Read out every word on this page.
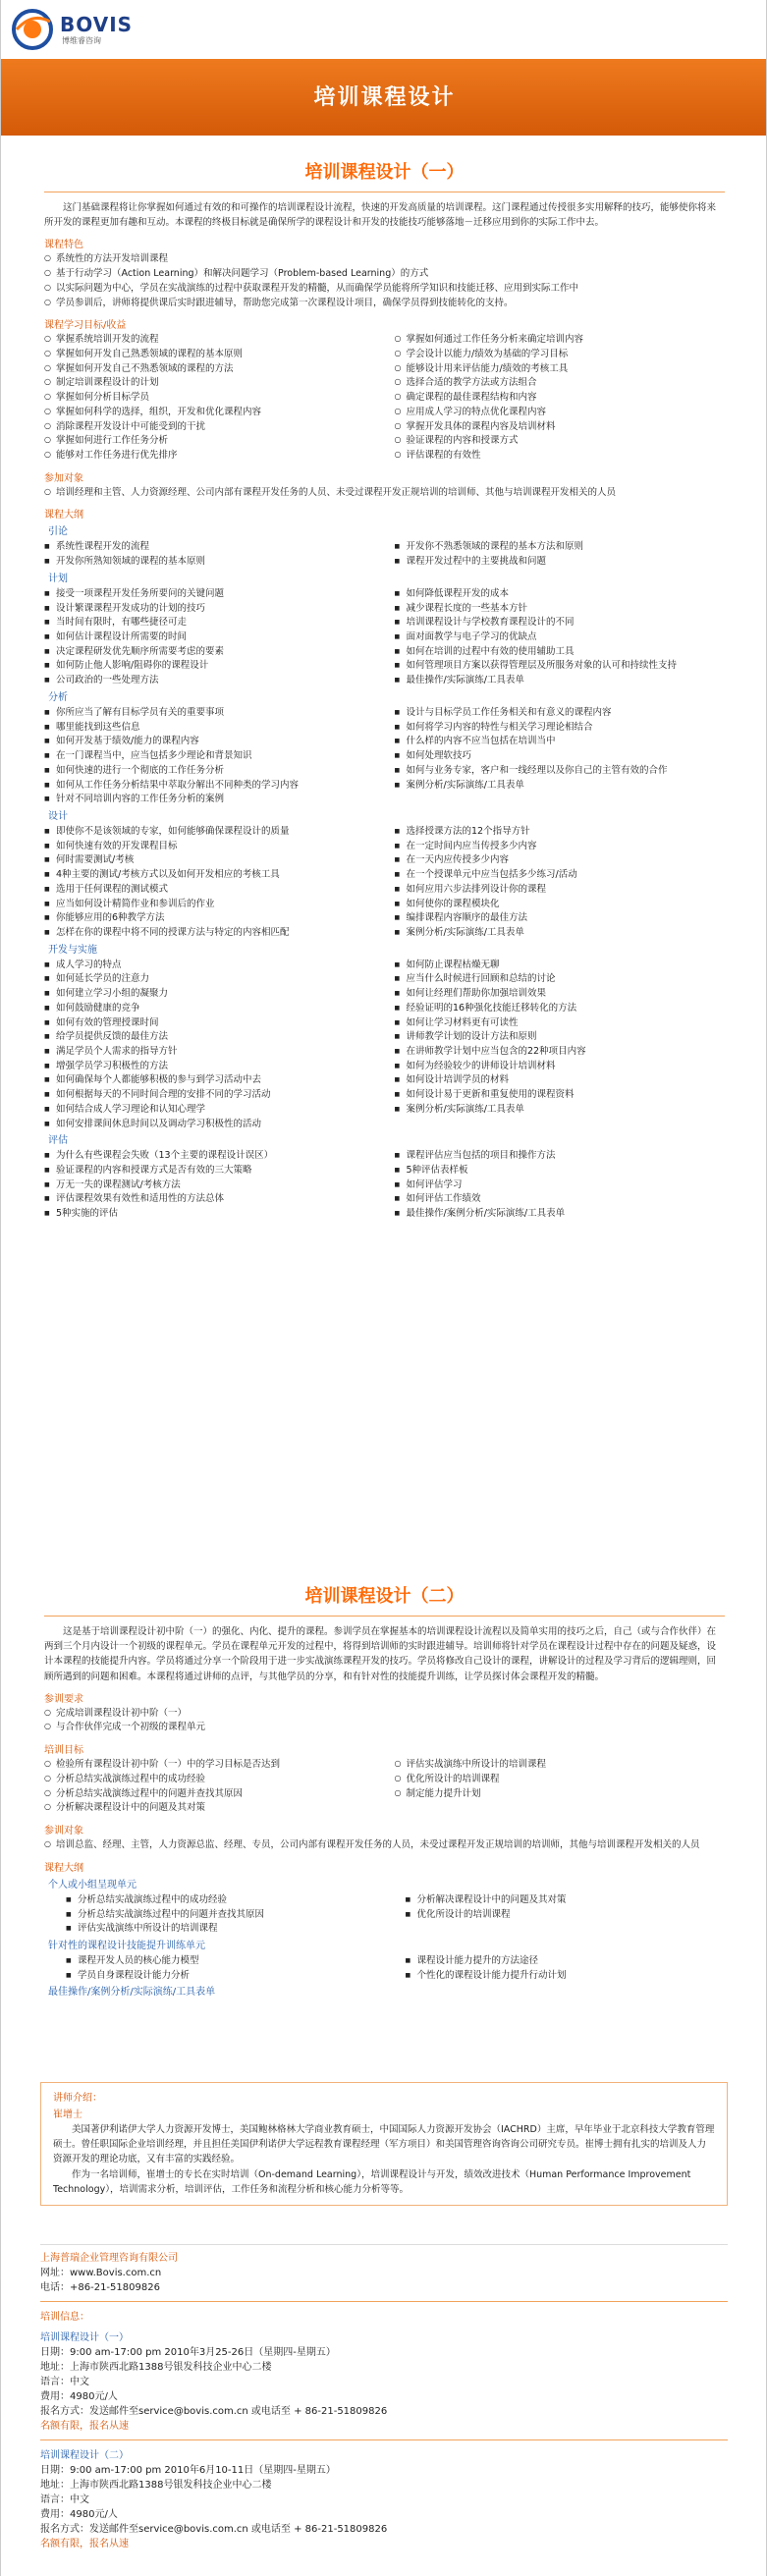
BOVIS
博维睿咨询
培训课程设计
培训课程设计（一）
这门基础课程将让你掌握如何通过有效的和可操作的培训课程设计流程，快速的开发高质量的培训课程。这门课程通过传授很多实用解释的技巧，能够使你将来所开发的课程更加有趣和互动。本课程的终极目标就是确保所学的课程设计和开发的技能技巧能够落地－迁移应用到你的实际工作中去。
课程特色
○ 系统性的方法开发培训课程
○ 基于行动学习（Action Learning）和解决问题学习（Problem-based Learning）的方式
○ 以实际问题为中心，学员在实战演练的过程中获取课程开发的精髓，从而确保学员能将所学知识和技能迁移、应用到实际工作中
○ 学员参训后，讲师将提供课后实时跟进辅导，帮助您完成第一次课程设计项目，确保学员得到技能转化的支持。
课程学习目标/收益
○ 掌握系统培训开发的流程
○ 掌握如何开发自己熟悉领域的课程的基本原则
○ 掌握如何开发自己不熟悉领域的课程的方法
○ 制定培训课程设计的计划
○ 掌握如何分析目标学员
○ 掌握如何科学的选择，组织，开发和优化课程内容
○ 消除课程开发设计中可能受到的干扰
○ 掌握如何进行工作任务分析
○ 能够对工作任务进行优先排序
○ 掌握如何通过工作任务分析来确定培训内容
○ 学会设计以能力/绩效为基础的学习目标
○ 能够设计用来评估能力/绩效的考核工具
○ 选择合适的教学方法或方法组合
○ 确定课程的最佳课程结构和内容
○ 应用成人学习的特点优化课程内容
○ 掌握开发具体的课程内容及培训材料
○ 验证课程的内容和授课方式
○ 评估课程的有效性
参加对象
○ 培训经理和主管、人力资源经理、公司内部有课程开发任务的人员、未受过课程开发正规培训的培训师、其他与培训课程开发相关的人员
课程大纲
引论
■ 系统性课程开发的流程
■ 开发你所熟知领域的课程的基本原则
■ 开发你不熟悉领域的课程的基本方法和原则
■ 课程开发过程中的主要挑战和问题
计划
■ 接受一项课程开发任务所要问的关键问题
■ 设计繁课课程开发成功的计划的技巧
■ 当时间有限时，有哪些捷径可走
■ 如何估计课程设计所需要的时间
■ 决定课程研发优先顺序所需要考虑的要素
■ 如何防止他人影响/阻碍你的课程设计
■ 公司政治的一些处理方法
■ 如何降低课程开发的成本
■ 减少课程长度的一些基本方针
■ 培训课程设计与学校教育课程设计的不同
■ 面对面教学与电子学习的优缺点
■ 如何在培训的过程中有效的使用辅助工具
■ 如何管理项目方案以获得管理层及所服务对象的认可和持续性支持
■ 最佳操作/实际演练/工具表单
分析
■ 你所应当了解有目标学员有关的重要事项
■ 哪里能找到这些信息
■ 如何开发基于绩效/能力的课程内容
■ 在一门课程当中，应当包括多少理论和背景知识
■ 如何快速的进行一个彻底的工作任务分析
■ 如何从工作任务分析结果中萃取分解出不同种类的学习内容
■ 针对不同培训内容的工作任务分析的案例
■ 设计与目标学员工作任务相关和有意义的课程内容
■ 如何将学习内容的特性与相关学习理论相结合
■ 什么样的内容不应当包括在培训当中
■ 如何处理软技巧
■ 如何与业务专家，客户和一线经理以及你自己的主管有效的合作
■ 案例分析/实际演练/工具表单
设计
■ 即使你不是该领域的专家，如何能够确保课程设计的质量
■ 如何快速有效的开发课程目标
■ 何时需要测试/考核
■ 4种主要的测试/考核方式以及如何开发相应的考核工具
■ 选用于任何课程的测试模式
■ 应当如何设计精简作业和参训后的作业
■ 你能够应用的6种教学方法
■ 怎样在你的课程中将不同的授课方法与特定的内容相匹配
■ 选择授课方法的12个指导方针
■ 在一定时间内应当传授多少内容
■ 在一天内应传授多少内容
■ 在一个授课单元中应当包括多少练习/活动
■ 如何应用六步法排列设计你的课程
■ 如何使你的课程模块化
■ 编排课程内容顺序的最佳方法
■ 案例分析/实际演练/工具表单
开发与实施
■ 成人学习的特点
■ 如何延长学员的注意力
■ 如何建立学习小组的凝聚力
■ 如何鼓励健康的竞争
■ 如何有效的管理授课时间
■ 给学员提供反馈的最佳方法
■ 满足学员个人需求的指导方针
■ 增强学员学习积极性的方法
■ 如何确保每个人都能够积极的参与到学习活动中去
■ 如何根据每天的不同时间合理的安排不同的学习活动
■ 如何结合成人学习理论和认知心理学
■ 如何安排课间休息时间以及调动学习积极性的活动
■ 如何防止课程枯燥无聊
■ 应当什么时候进行回顾和总结的讨论
■ 如何让经理们帮助你加强培训效果
■ 经验证明的16种强化技能迁移转化的方法
■ 如何让学习材料更有可读性
■ 讲师教学计划的设计方法和原则
■ 在讲师教学计划中应当包含的22种项目内容
■ 如何为经验较少的讲师设计培训材料
■ 如何设计培训学员的材料
■ 如何设计易于更新和重复使用的课程资料
■ 案例分析/实际演练/工具表单
评估
■ 为什么有些课程会失败（13个主要的课程设计误区）
■ 验证课程的内容和授课方式是否有效的三大策略
■ 万无一失的课程测试/考核方法
■ 评估课程效果有效性和适用性的方法总体
■ 5种实施的评估
■ 课程评估应当包括的项目和操作方法
■ 5种评估表样板
■ 如何评估学习
■ 如何评估工作绩效
■ 最佳操作/案例分析/实际演练/工具表单
培训课程设计（二）
这是基于培训课程设计初中阶（一）的强化、内化、提升的课程。参训学员在掌握基本的培训课程设计流程以及简单实用的技巧之后，自己（或与合作伙伴）在两到三个月内设计一个初级的课程单元。学员在课程单元开发的过程中，将得到培训师的实时跟进辅导。培训师将针对学员在课程设计过程中存在的问题及疑惑，设计本课程的技能提升内容。学员将通过分享一个阶段用于进一步实战演练课程开发的技巧。学员将修改自己设计的课程，讲解设计的过程及学习背后的逻辑理则，回顾所遇到的问题和困难。本课程将通过讲师的点评，与其他学员的分享，和有针对性的技能提升训练，让学员探讨体会课程开发的精髓。
参训要求
○ 完成培训课程设计初中阶（一）
○ 与合作伙伴完成一个初级的课程单元
培训目标
○ 检验所有课程设计初中阶（一）中的学习目标是否达到
○ 分析总结实战演练过程中的成功经验
○ 分析总结实战演练过程中的问题并查找其原因
○ 分析解决课程设计中的问题及其对策
○ 评估实战演练中所设计的培训课程
○ 优化所设计的培训课程
○ 制定能力提升计划
参训对象
○ 培训总监、经理、主管，人力资源总监、经理、专员，公司内部有课程开发任务的人员，未受过课程开发正规培训的培训师，其他与培训课程开发相关的人员
课程大纲
个人或小组呈现单元
■ 分析总结实战演练过程中的成功经验
■ 分析总结实战演练过程中的问题并查找其原因
■ 评估实战演练中所设计的培训课程
■ 分析解决课程设计中的问题及其对策
■ 优化所设计的培训课程
针对性的课程设计技能提升训练单元
■ 课程开发人员的核心能力模型
■ 学员自身课程设计能力分析
■ 课程设计能力提升的方法途径
■ 个性化的课程设计能力提升行动计划
最佳操作/案例分析/实际演练/工具表单
讲师介绍：
崔增士
美国著伊利诺伊大学人力资源开发博士，美国鲍林格林大学商业教育硕士，中国国际人力资源开发协会（IACHRD）主席，早年毕业于北京科技大学教育管理硕士。曾任职国际企业培训经理，并且担任美国伊利诺伊大学远程教育课程经理（军方项目）和美国管理咨询咨询公司研究专员。崔博士拥有扎实的培训及人力资源开发的理论功底，又有丰富的实践经验。
作为一名培训师，崔增士的专长在实时培训（On-demand Learning），培训课程设计与开发，绩效改进技术（Human Performance Improvement Technology），培训需求分析，培训评估，工作任务和流程分析和核心能力分析等等。
上海普瑞企业管理咨询有限公司
网址：www.Bovis.com.cn
电话：+86-21-51809826
培训信息：
培训课程设计（一）
日期：9:00 am-17:00 pm 2010年3月25-26日（星期四-星期五）
地址：上海市陕西北路1388号银发科技企业中心二楼
语言：中文
费用：4980元/人
报名方式：发送邮件至service@bovis.com.cn 或电话至 + 86-21-51809826
名额有限，报名从速
培训课程设计（二）
日期：9:00 am-17:00 pm 2010年6月10-11日（星期四-星期五）
地址：上海市陕西北路1388号银发科技企业中心二楼
语言：中文
费用：4980元/人
报名方式：发送邮件至service@bovis.com.cn 或电话至 + 86-21-51809826
名额有限，报名从速
